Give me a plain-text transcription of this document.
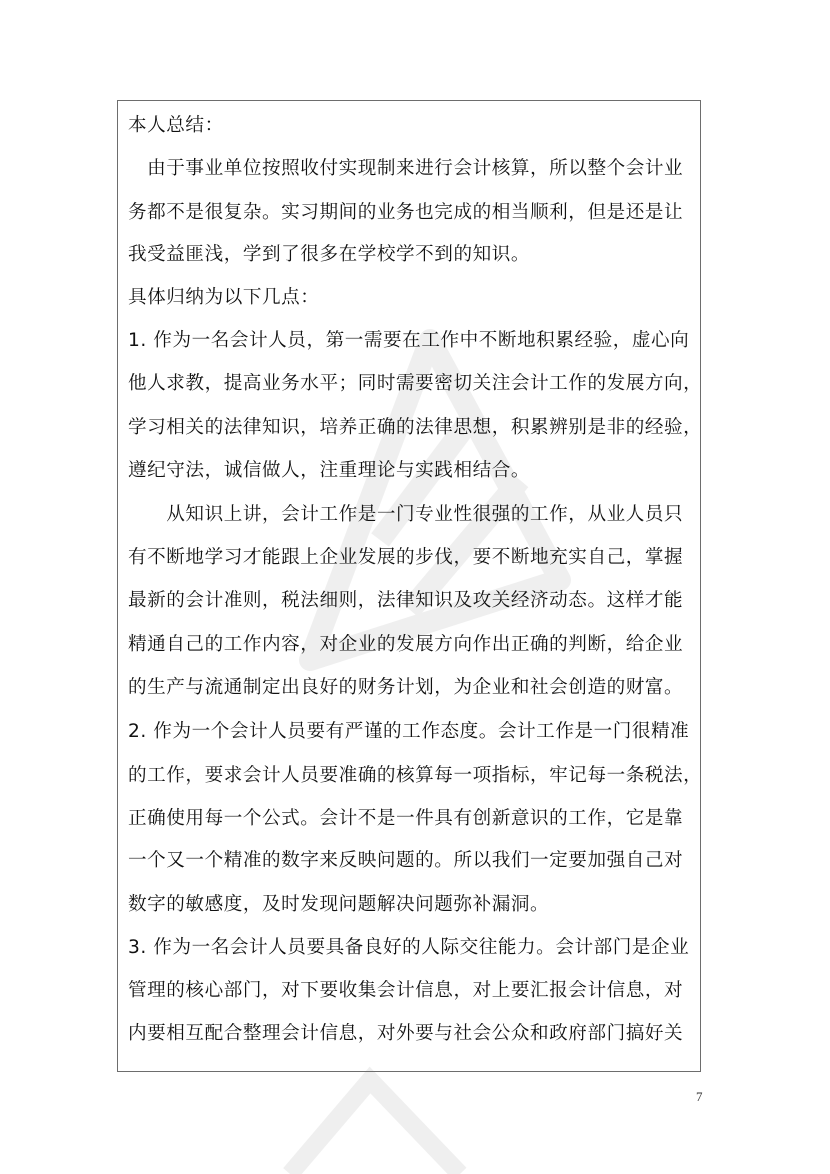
本人总结：
　由于事业单位按照收付实现制来进行会计核算，所以整个会计业
务都不是很复杂。实习期间的业务也完成的相当顺利，但是还是让
我受益匪浅，学到了很多在学校学不到的知识。
具体归纳为以下几点：
1. 作为一名会计人员，第一需要在工作中不断地积累经验，虚心向
他人求教，提高业务水平；同时需要密切关注会计工作的发展方向，
学习相关的法律知识，培养正确的法律思想，积累辨别是非的经验，
遵纪守法，诚信做人，注重理论与实践相结合。
　　从知识上讲，会计工作是一门专业性很强的工作，从业人员只
有不断地学习才能跟上企业发展的步伐，要不断地充实自己，掌握
最新的会计准则，税法细则，法律知识及攻关经济动态。这样才能
精通自己的工作内容，对企业的发展方向作出正确的判断，给企业
的生产与流通制定出良好的财务计划，为企业和社会创造的财富。
2. 作为一个会计人员要有严谨的工作态度。会计工作是一门很精准
的工作，要求会计人员要准确的核算每一项指标，牢记每一条税法，
正确使用每一个公式。会计不是一件具有创新意识的工作，它是靠
一个又一个精准的数字来反映问题的。所以我们一定要加强自己对
数字的敏感度，及时发现问题解决问题弥补漏洞。
3. 作为一名会计人员要具备良好的人际交往能力。会计部门是企业
管理的核心部门，对下要收集会计信息，对上要汇报会计信息，对
内要相互配合整理会计信息，对外要与社会公众和政府部门搞好关
7
